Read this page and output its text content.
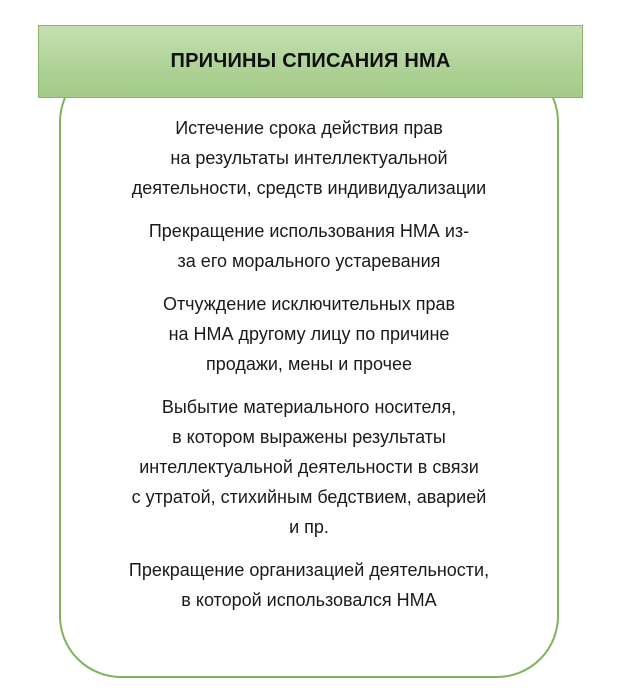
ПРИЧИНЫ СПИСАНИЯ НМА
Истечение срока действия прав
на результаты интеллектуальной
деятельности, средств индивидуализации
Прекращение использования НМА из-
за его морального устаревания
Отчуждение исключительных прав
на НМА другому лицу по причине
продажи, мены и прочее
Выбытие материального носителя,
в котором выражены результаты
интеллектуальной деятельности в связи
с утратой, стихийным бедствием, аварией
и пр.
Прекращение организацией деятельности,
в которой использовался НМА
